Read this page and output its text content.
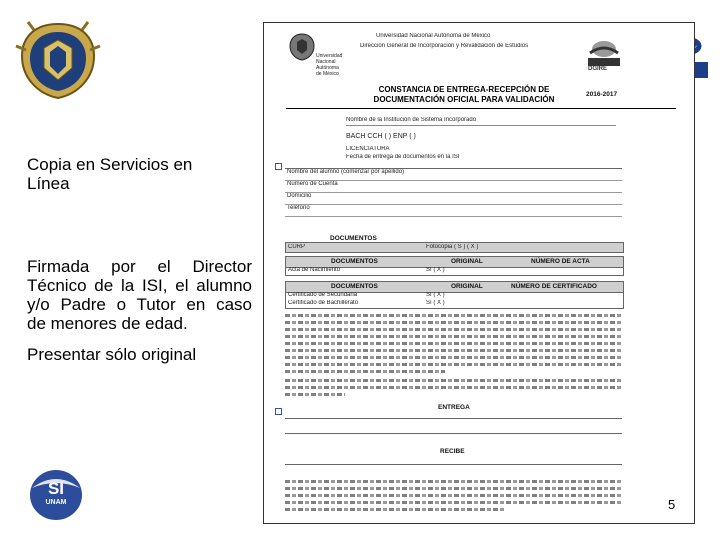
SI
UNAM
Copia en Servicios en
Línea
Firmada por el Director
Técnico de la ISI, el alumno
y/o Padre o Tutor en caso
de menores de edad.
Presentar sólo original
Universidad
Nacional
Autónoma
de México
Universidad Nacional Autónoma de México
Dirección General de Incorporación y Revalidación de Estudios
DGIRE
CONSTANCIA DE ENTREGA-RECEPCIÓN DE
DOCUMENTACIÓN OFICIAL PARA VALIDACIÓN
2016-2017
Nombre de la Institución de Sistema Incorporado
BACH CCH ( ) ENP ( )
LICENCIATURA
Fecha de entrega de documentos en la ISI
Nombre del alumno (comenzar por apellido)
Número de Cuenta
Domicilio
Teléfono
DOCUMENTOS
CURP	Fotocopia ( S ) ( X )
DOCUMENTOS	ORIGINAL	NÚMERO DE ACTA
Acta de Nacimiento	Sí ( X )
DOCUMENTOS	ORIGINAL	NÚMERO DE CERTIFICADO
Certificado de Secundaria	Sí ( X )
Certificado de Bachillerato	Sí ( X )
ENTREGA
RECIBE
5
